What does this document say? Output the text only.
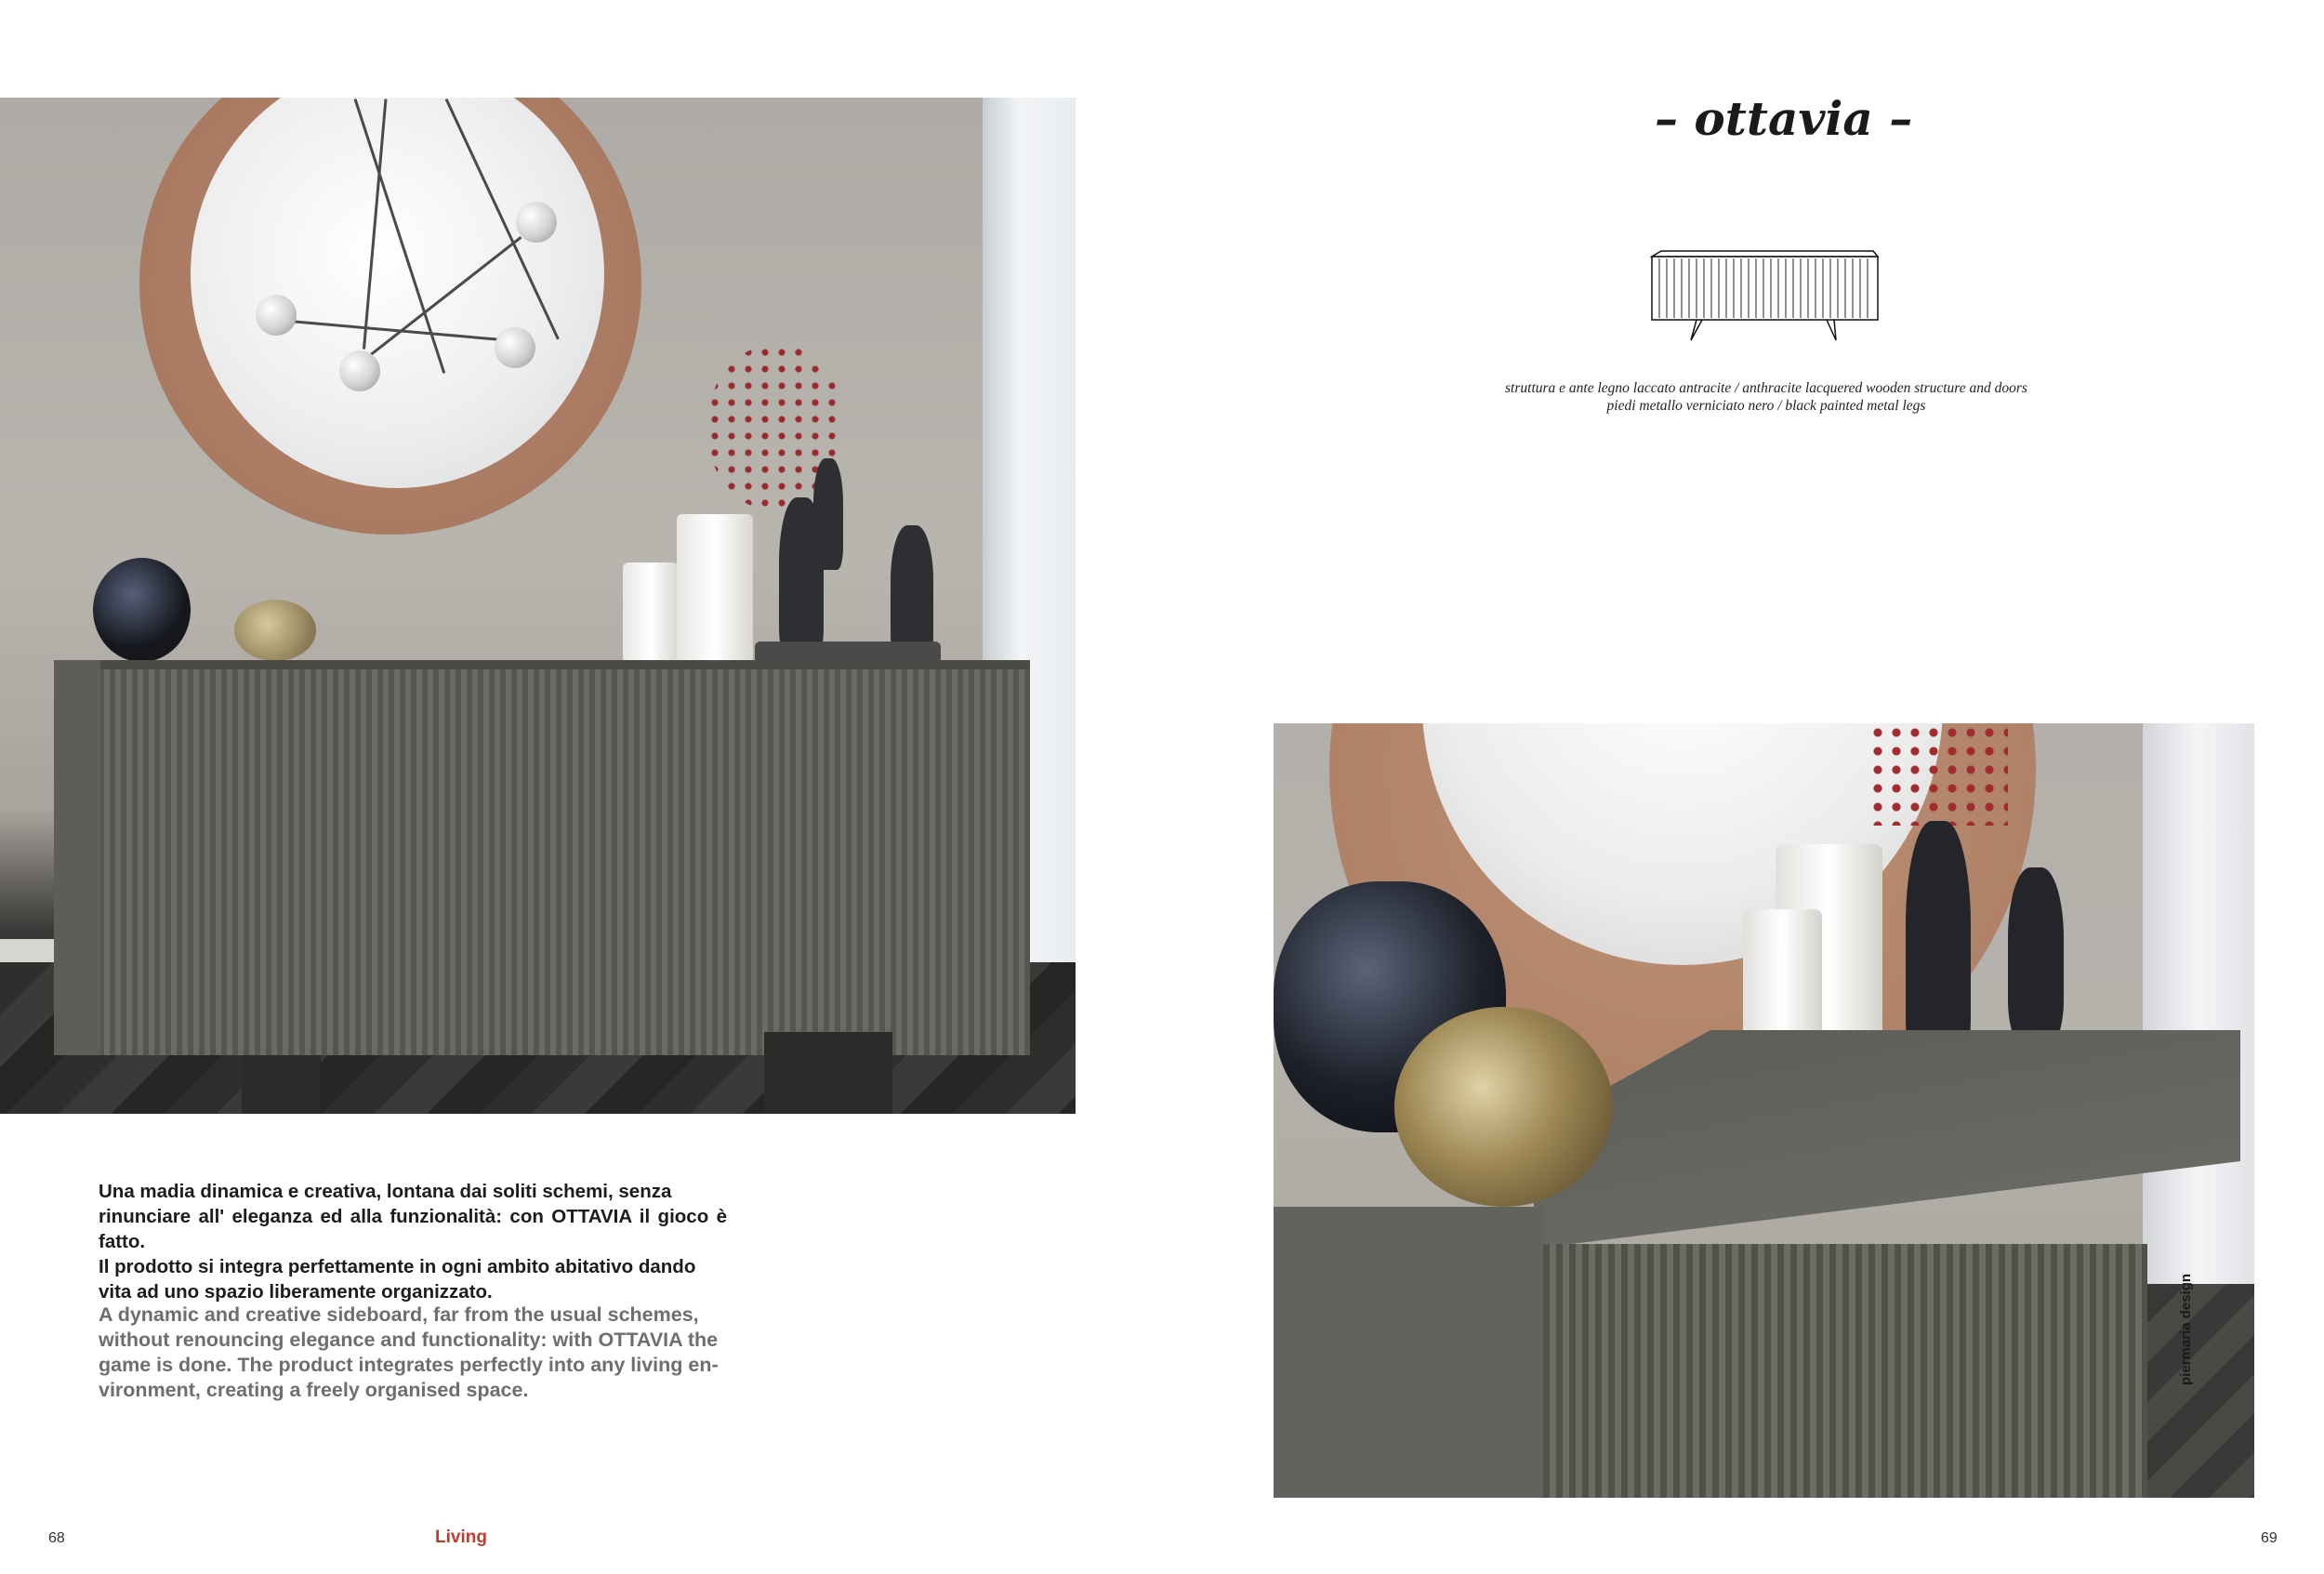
– ottavia –
struttura e ante legno laccato antracite / anthracite lacquered wooden structure and doors
piedi metallo verniciato nero / black painted metal legs
Una madia dinamica e creativa, lontana dai soliti schemi, senza
rinunciare all' eleganza ed alla funzionalità: con OTTAVIA il gioco è fatto.
Il prodotto si integra perfettamente in ogni ambito abitativo dando
vita ad uno spazio liberamente organizzato.
A dynamic and creative sideboard, far from the usual schemes,
without renouncing elegance and functionality: with OTTAVIA the
game is done. The product integrates perfectly into any living en-
vironment, creating a freely organised space.
piermaria design
68	Living	69
